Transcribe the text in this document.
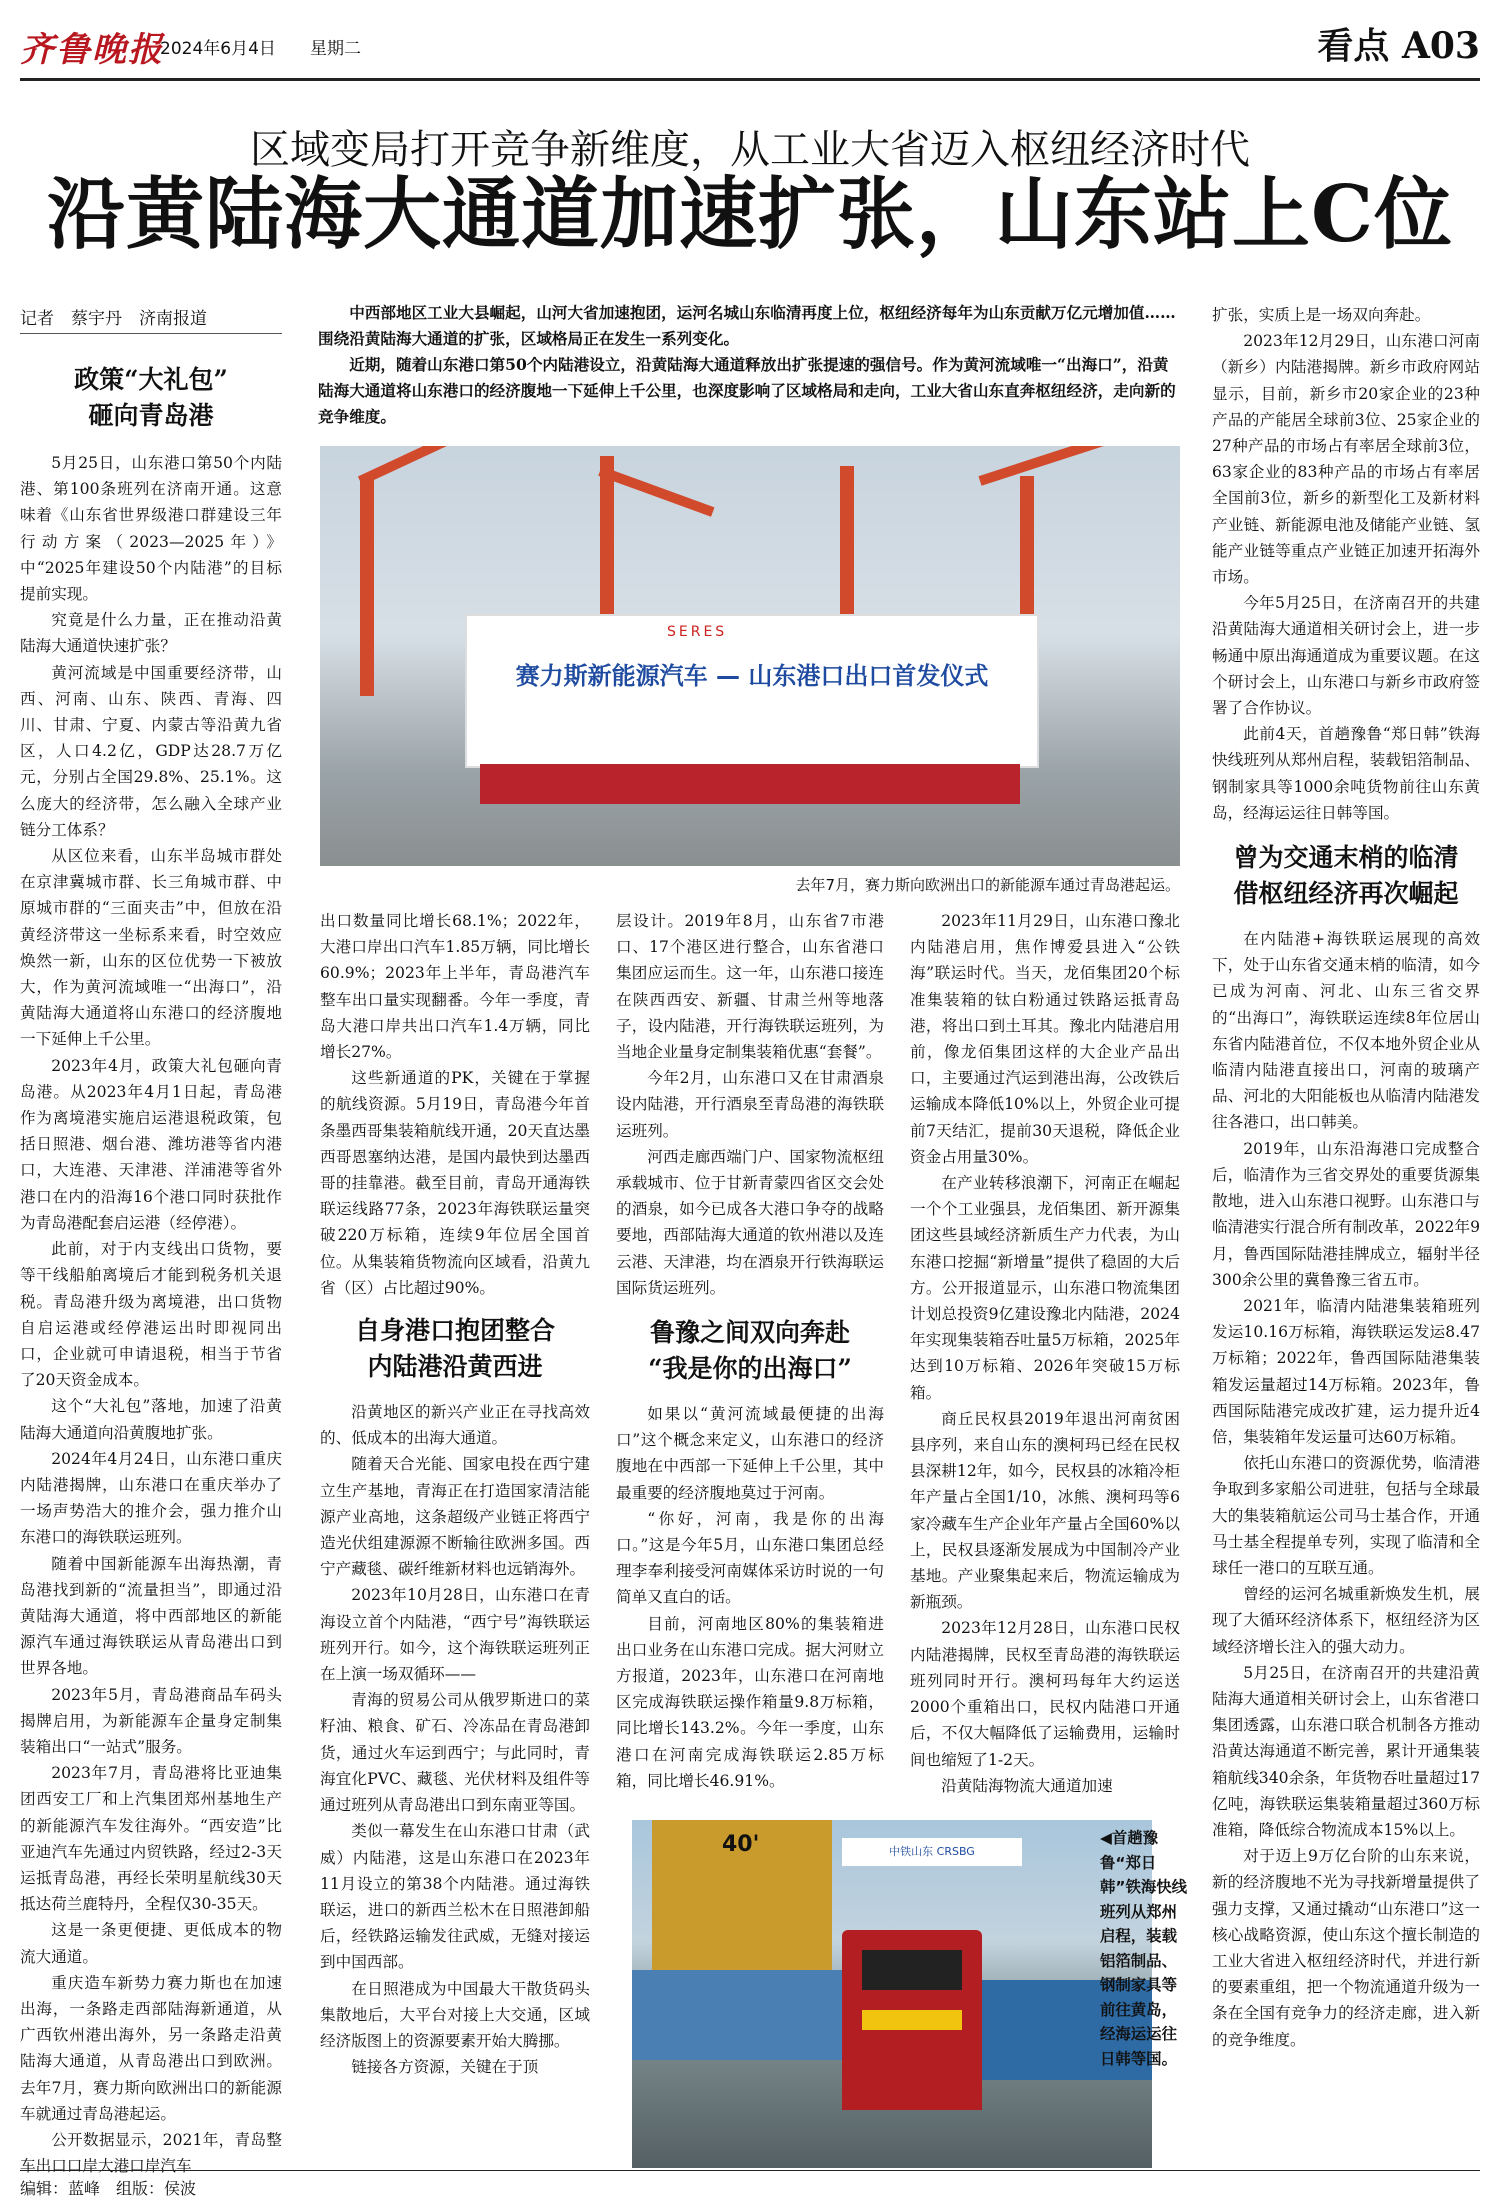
齐鲁晚报
2024年6月4日 星期二	看点 A03
区域变局打开竞争新维度，从工业大省迈入枢纽经济时代
沿黄陆海大通道加速扩张，山东站上C位
记者　蔡宇丹　济南报道	中西部地区工业大县崛起，山河大省加速抱团，运河名城山东临清再度上位，枢纽经济每年为山东贡献万亿元增加值……围绕沿黄陆海大通道的扩张，区域格局正在发生一系列变化。

近期，随着山东港口第50个内陆港设立，沿黄陆海大通道释放出扩张提速的强信号。作为黄河流域唯一“出海口”，沿黄陆海大通道将山东港口的经济腹地一下延伸上千公里，也深度影响了区域格局和走向，工业大省山东直奔枢纽经济，走向新的竞争维度。

政策“大礼包”
砸向青岛港

5月25日，山东港口第50个内陆港、第100条班列在济南开通。这意味着《山东省世界级港口群建设三年行动方案（2023—2025年）》中“2025年建设50个内陆港”的目标提前实现。

究竟是什么力量，正在推动沿黄陆海大通道快速扩张？

黄河流域是中国重要经济带，山西、河南、山东、陕西、青海、四川、甘肃、宁夏、内蒙古等沿黄九省区，人口4.2亿，GDP达28.7万亿元，分别占全国29.8%、25.1%。这么庞大的经济带，怎么融入全球产业链分工体系？

从区位来看，山东半岛城市群处在京津冀城市群、长三角城市群、中原城市群的“三面夹击”中，但放在沿黄经济带这一坐标系来看，时空效应焕然一新，山东的区位优势一下被放大，作为黄河流域唯一“出海口”，沿黄陆海大通道将山东港口的经济腹地一下延伸上千公里。

2023年4月，政策大礼包砸向青岛港。从2023年4月1日起，青岛港作为离境港实施启运港退税政策，包括日照港、烟台港、潍坊港等省内港口，大连港、天津港、洋浦港等省外港口在内的沿海16个港口同时获批作为青岛港配套启运港（经停港）。

此前，对于内支线出口货物，要等干线船舶离境后才能到税务机关退税。青岛港升级为离境港，出口货物自启运港或经停港运出时即视同出口，企业就可申请退税，相当于节省了20天资金成本。

这个“大礼包”落地，加速了沿黄陆海大通道向沿黄腹地扩张。

2024年4月24日，山东港口重庆内陆港揭牌，山东港口在重庆举办了一场声势浩大的推介会，强力推介山东港口的海铁联运班列。

随着中国新能源车出海热潮，青岛港找到新的“流量担当”，即通过沿黄陆海大通道，将中西部地区的新能源汽车通过海铁联运从青岛港出口到世界各地。

2023年5月，青岛港商品车码头揭牌启用，为新能源车企量身定制集装箱出口“一站式”服务。

2023年7月，青岛港将比亚迪集团西安工厂和上汽集团郑州基地生产的新能源汽车发往海外。“西安造”比亚迪汽车先通过内贸铁路，经过2-3天运抵青岛港，再经长荣明星航线30天抵达荷兰鹿特丹，全程仅30-35天。

这是一条更便捷、更低成本的物流大通道。

重庆造车新势力赛力斯也在加速出海，一条路走西部陆海新通道，从广西钦州港出海外，另一条路走沿黄陆海大通道，从青岛港出口到欧洲。去年7月，赛力斯向欧洲出口的新能源车就通过青岛港起运。

公开数据显示，2021年，青岛整车出口口岸大港口岸汽车

SERES
赛力斯新能源汽车 — 山东港口出口首发仪式
去年7月，赛力斯向欧洲出口的新能源车通过青岛港起运。

出口数量同比增长68.1%；2022年，大港口岸出口汽车1.85万辆，同比增长60.9%；2023年上半年，青岛港汽车整车出口量实现翻番。今年一季度，青岛大港口岸共出口汽车1.4万辆，同比增长27%。

这些新通道的PK，关键在于掌握的航线资源。5月19日，青岛港今年首条墨西哥集装箱航线开通，20天直达墨西哥恩塞纳达港，是国内最快到达墨西哥的挂靠港。截至目前，青岛开通海铁联运线路77条，2023年海铁联运量突破220万标箱，连续9年位居全国首位。从集装箱货物流向区域看，沿黄九省（区）占比超过90%。

自身港口抱团整合
内陆港沿黄西进

沿黄地区的新兴产业正在寻找高效的、低成本的出海大通道。

随着天合光能、国家电投在西宁建立生产基地，青海正在打造国家清洁能源产业高地，这条超级产业链正将西宁造光伏组建源源不断输往欧洲多国。西宁产藏毯、碳纤维新材料也远销海外。

2023年10月28日，山东港口在青海设立首个内陆港，“西宁号”海铁联运班列开行。如今，这个海铁联运班列正在上演一场双循环——

青海的贸易公司从俄罗斯进口的菜籽油、粮食、矿石、冷冻品在青岛港卸货，通过火车运到西宁；与此同时，青海宜化PVC、藏毯、光伏材料及组件等通过班列从青岛港出口到东南亚等国。

类似一幕发生在山东港口甘肃（武威）内陆港，这是山东港口在2023年11月设立的第38个内陆港。通过海铁联运，进口的新西兰松木在日照港卸船后，经铁路运输发往武威，无缝对接运到中国西部。

在日照港成为中国最大干散货码头集散地后，大平台对接上大交通，区域经济版图上的资源要素开始大腾挪。

链接各方资源，关键在于顶

层设计。2019年8月，山东省7市港口、17个港区进行整合，山东省港口集团应运而生。这一年，山东港口接连在陕西西安、新疆、甘肃兰州等地落子，设内陆港，开行海铁联运班列，为当地企业量身定制集装箱优惠“套餐”。

今年2月，山东港口又在甘肃酒泉设内陆港，开行酒泉至青岛港的海铁联运班列。

河西走廊西端门户、国家物流枢纽承载城市、位于甘新青蒙四省区交会处的酒泉，如今已成各大港口争夺的战略要地，西部陆海大通道的钦州港以及连云港、天津港，均在酒泉开行铁海联运国际货运班列。

鲁豫之间双向奔赴
“我是你的出海口”

如果以“黄河流域最便捷的出海口”这个概念来定义，山东港口的经济腹地在中西部一下延伸上千公里，其中最重要的经济腹地莫过于河南。

“你好，河南，我是你的出海口。”这是今年5月，山东港口集团总经理李奉利接受河南媒体采访时说的一句简单又直白的话。

目前，河南地区80%的集装箱进出口业务在山东港口完成。据大河财立方报道，2023年，山东港口在河南地区完成海铁联运操作箱量9.8万标箱，同比增长143.2%。今年一季度，山东港口在河南完成海铁联运2.85万标箱，同比增长46.91%。

2023年11月29日，山东港口豫北内陆港启用，焦作博爱县进入“公铁海”联运时代。当天，龙佰集团20个标准集装箱的钛白粉通过铁路运抵青岛港，将出口到土耳其。豫北内陆港启用前，像龙佰集团这样的大企业产品出口，主要通过汽运到港出海，公改铁后运输成本降低10%以上，外贸企业可提前7天结汇，提前30天退税，降低企业资金占用量30%。

在产业转移浪潮下，河南正在崛起一个个工业强县，龙佰集团、新开源集团这些县域经济新质生产力代表，为山东港口挖掘“新增量”提供了稳固的大后方。公开报道显示，山东港口物流集团计划总投资9亿建设豫北内陆港，2024年实现集装箱吞吐量5万标箱，2025年达到10万标箱、2026年突破15万标箱。

商丘民权县2019年退出河南贫困县序列，来自山东的澳柯玛已经在民权县深耕12年，如今，民权县的冰箱冷柜年产量占全国1/10，冰熊、澳柯玛等6家冷藏车生产企业年产量占全国60%以上，民权县逐渐发展成为中国制冷产业基地。产业聚集起来后，物流运输成为新瓶颈。

2023年12月28日，山东港口民权内陆港揭牌，民权至青岛港的海铁联运班列同时开行。澳柯玛每年大约运送2000个重箱出口，民权内陆港口开通后，不仅大幅降低了运输费用，运输时间也缩短了1-2天。

沿黄陆海物流大通道加速

40'	中铁山东 CRSBG
◀首趟豫鲁“郑日韩”铁海快线班列从郑州启程，装载铝箔制品、钢制家具等前往黄岛，经海运运往日韩等国。

扩张，实质上是一场双向奔赴。

2023年12月29日，山东港口河南（新乡）内陆港揭牌。新乡市政府网站显示，目前，新乡市20家企业的23种产品的产能居全球前3位、25家企业的27种产品的市场占有率居全球前3位，63家企业的83种产品的市场占有率居全国前3位，新乡的新型化工及新材料产业链、新能源电池及储能产业链、氢能产业链等重点产业链正加速开拓海外市场。

今年5月25日，在济南召开的共建沿黄陆海大通道相关研讨会上，进一步畅通中原出海通道成为重要议题。在这个研讨会上，山东港口与新乡市政府签署了合作协议。

此前4天，首趟豫鲁“郑日韩”铁海快线班列从郑州启程，装载铝箔制品、钢制家具等1000余吨货物前往山东黄岛，经海运运往日韩等国。

曾为交通末梢的临清
借枢纽经济再次崛起

在内陆港+海铁联运展现的高效下，处于山东省交通末梢的临清，如今已成为河南、河北、山东三省交界的“出海口”，海铁联运连续8年位居山东省内陆港首位，不仅本地外贸企业从临清内陆港直接出口，河南的玻璃产品、河北的大阳能板也从临清内陆港发往各港口，出口韩美。

2019年，山东沿海港口完成整合后，临清作为三省交界处的重要货源集散地，进入山东港口视野。山东港口与临清港实行混合所有制改革，2022年9月，鲁西国际陆港挂牌成立，辐射半径300余公里的冀鲁豫三省五市。

2021年，临清内陆港集装箱班列发运10.16万标箱，海铁联运发运8.47万标箱；2022年，鲁西国际陆港集装箱发运量超过14万标箱。2023年，鲁西国际陆港完成改扩建，运力提升近4倍，集装箱年发运量可达60万标箱。

依托山东港口的资源优势，临清港争取到多家船公司进驻，包括与全球最大的集装箱航运公司马士基合作，开通马士基全程提单专列，实现了临清和全球任一港口的互联互通。

曾经的运河名城重新焕发生机，展现了大循环经济体系下，枢纽经济为区域经济增长注入的强大动力。

5月25日，在济南召开的共建沿黄陆海大通道相关研讨会上，山东省港口集团透露，山东港口联合机制各方推动沿黄达海通道不断完善，累计开通集装箱航线340余条，年货物吞吐量超过17亿吨，海铁联运集装箱量超过360万标准箱，降低综合物流成本15%以上。

对于迈上9万亿台阶的山东来说，新的经济腹地不光为寻找新增量提供了强力支撑，又通过撬动“山东港口”这一核心战略资源，使山东这个擅长制造的工业大省进入枢纽经济时代，并进行新的要素重组，把一个物流通道升级为一条在全国有竞争力的经济走廊，进入新的竞争维度。

编辑：蓝峰　组版：侯波
